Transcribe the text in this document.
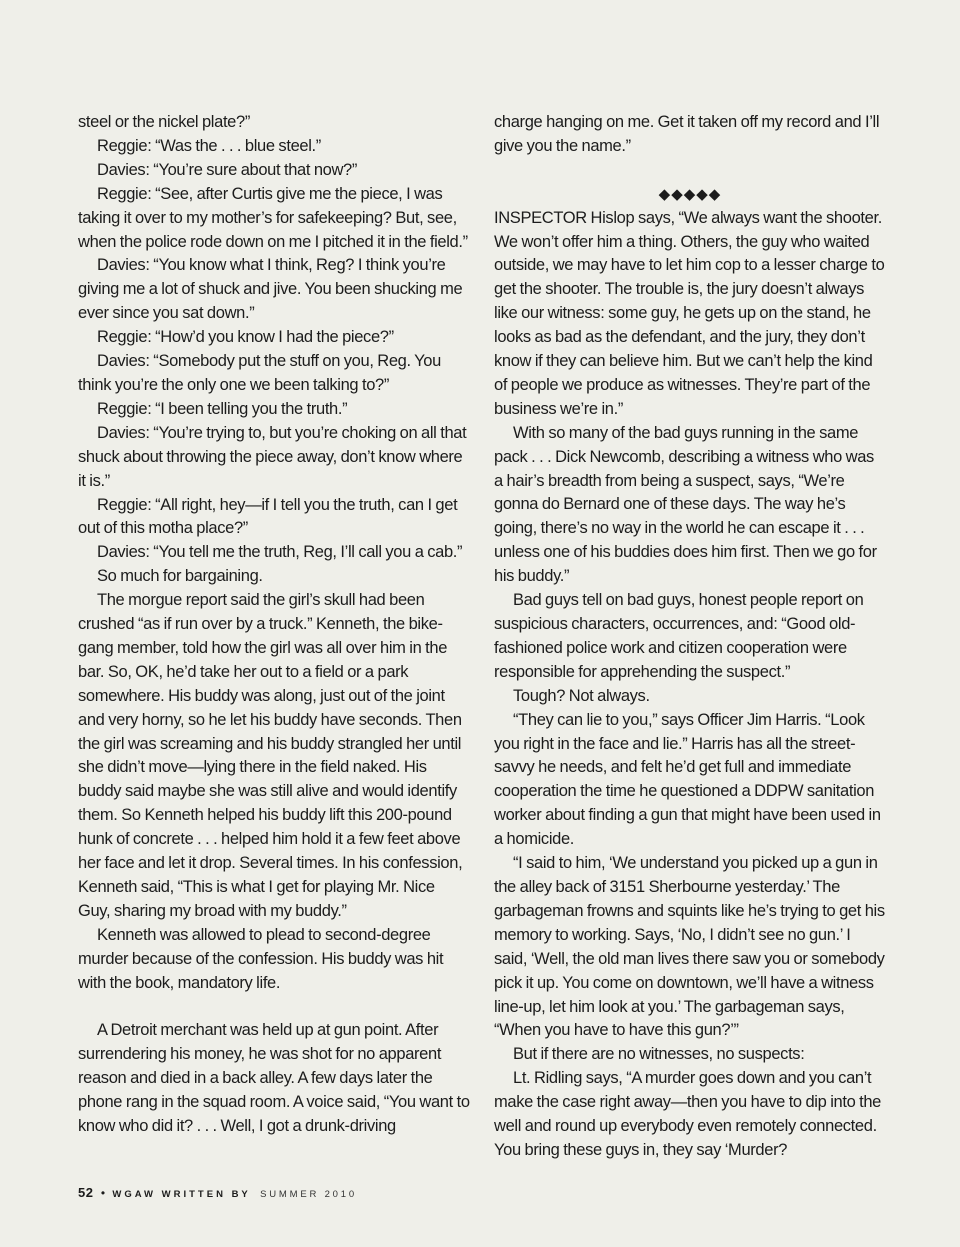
steel or the nickel plate?”

Reggie: “Was the . . . blue steel.”

Davies: “You’re sure about that now?”

Reggie: “See, after Curtis give me the piece, I was taking it over to my mother’s for safekeeping? But, see, when the police rode down on me I pitched it in the field.”

Davies: “You know what I think, Reg? I think you’re giving me a lot of shuck and jive. You been shucking me ever since you sat down.”

Reggie: “How’d you know I had the piece?”

Davies: “Somebody put the stuff on you, Reg. You think you’re the only one we been talking to?”

Reggie: “I been telling you the truth.”

Davies: “You’re trying to, but you’re choking on all that shuck about throwing the piece away, don’t know where it is.”

Reggie: “All right, hey—if I tell you the truth, can I get out of this motha place?”

Davies: “You tell me the truth, Reg, I’ll call you a cab.”

So much for bargaining.

The morgue report said the girl’s skull had been crushed “as if run over by a truck.” Kenneth, the bike-gang member, told how the girl was all over him in the bar. So, OK, he’d take her out to a field or a park somewhere. His buddy was along, just out of the joint and very horny, so he let his buddy have seconds. Then the girl was screaming and his buddy strangled her until she didn’t move—lying there in the field naked. His buddy said maybe she was still alive and would identify them. So Kenneth helped his buddy lift this 200-pound hunk of concrete . . . helped him hold it a few feet above her face and let it drop. Several times. In his confession, Kenneth said, “This is what I get for playing Mr. Nice Guy, sharing my broad with my buddy.”

Kenneth was allowed to plead to second-degree murder because of the confession. His buddy was hit with the book, mandatory life.

A Detroit merchant was held up at gun point. After surrendering his money, he was shot for no apparent reason and died in a back alley. A few days later the phone rang in the squad room. A voice said, “You want to know who did it? . . . Well, I got a drunk-driving

charge hanging on me. Get it taken off my record and I’ll give you the name.”

◆◆◆◆◆

INSPECTOR Hislop says, “We always want the shooter. We won’t offer him a thing. Others, the guy who waited outside, we may have to let him cop to a lesser charge to get the shooter. The trouble is, the jury doesn’t always like our witness: some guy, he gets up on the stand, he looks as bad as the defendant, and the jury, they don’t know if they can believe him. But we can’t help the kind of people we produce as witnesses. They’re part of the business we’re in.”

With so many of the bad guys running in the same pack . . . Dick Newcomb, describing a witness who was a hair’s breadth from being a suspect, says, “We’re gonna do Bernard one of these days. The way he’s going, there’s no way in the world he can escape it . . . unless one of his buddies does him first. Then we go for his buddy.”

Bad guys tell on bad guys, honest people report on suspicious characters, occurrences, and: “Good old-fashioned police work and citizen cooperation were responsible for apprehending the suspect.”

Tough? Not always.

“They can lie to you,” says Officer Jim Harris. “Look you right in the face and lie.” Harris has all the street-savvy he needs, and felt he’d get full and immediate cooperation the time he questioned a DDPW sanitation worker about finding a gun that might have been used in a homicide.

“I said to him, ‘We understand you picked up a gun in the alley back of 3151 Sherbourne yesterday.’ The garbageman frowns and squints like he’s trying to get his memory to working. Says, ‘No, I didn’t see no gun.’ I said, ‘Well, the old man lives there saw you or somebody pick it up. You come on downtown, we’ll have a witness line-up, let him look at you.’ The garbageman says, “When you have to have this gun?’”

But if there are no witnesses, no suspects:

Lt. Ridling says, “A murder goes down and you can’t make the case right away—then you have to dip into the well and round up everybody even remotely connected. You bring these guys in, they say ‘Murder?

52 • WGAW WRITTEN BY SUMMER 2010
